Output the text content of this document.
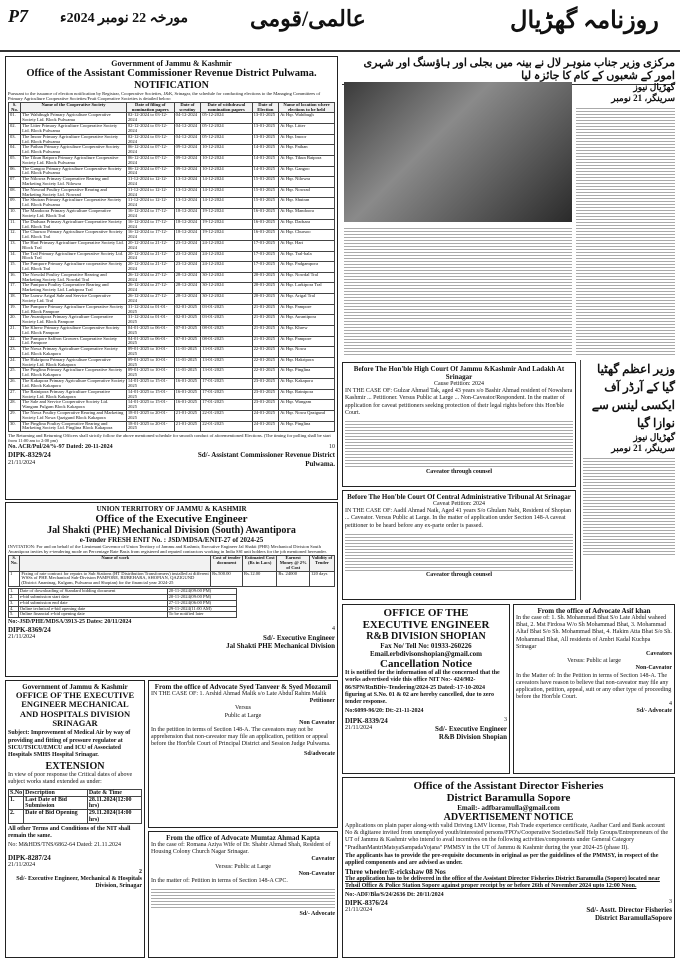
P7 مورخہ 22 نومبر 2024ء	عالمی/قومی	روزنامہ گھڑیال
Government of Jammu & Kashmir
Office of the Assistant Commissioner Revenue District Pulwama.
NOTIFICATION
Pursuant to the issuance of election notification by Registrar, Cooperative Societies, J&K, Srinagar, the schedule for conducting elections to the Managing Committees of Primary Agriculture Cooperative Societies/Fruit Cooperative Societies is detailed below:
S. No.	Name of the Cooperative Society	Date of filing of nomination papers	Date of scrutiny	Date of withdrawal nomination papers	Date of Election	Name of location where elections to be held
01.	The Wahibugh Primary Agriculture Cooperative Society Ltd. Block Pulwama	02-12-2024 to 03-12-2024	04-12-2024	05-12-2024	13-01-2025	At Hqr. Wahibugh
02.	The Litter Primary Agriculture Cooperative Society Ltd. Block Pulwama	02-12-2024 to 03-12-2024	04-12-2024	05-12-2024	13-01-2025	At Hqr. Litter
03.	The Imoor Primary Agriculture Cooperative Society Ltd. Block Pulwama	02-12-2024 to 03-12-2024	04-12-2024	05-12-2024	13-01-2025	At Hqr. Imoor
04.	The Pathan Primary Agriculture Cooperative Society Ltd. Block Pulwama	06-12-2024 to 07-12-2024	09-12-2024	10-12-2024	14-01-2025	At Hqr. Pathan
05.	The Tikun Batpora Primary Agriculture Cooperative Society Ltd. Block Pulwama	06-12-2024 to 07-12-2024	09-12-2024	10-12-2024	14-01-2025	At Hqr. Tikun Batpora
06.	The Gangoo Primary Agriculture Cooperative Society Ltd. Block Pulwama	06-12-2024 to 07-12-2024	09-12-2024	10-12-2024	14-01-2025	At Hqr. Gangoo
07.	The Nilowra Primary Cooperative Rearing and Marketing Society Ltd. Nilowra	11-12-2024 to 12-12-2024	13-12-2024	14-12-2024	15-01-2025	At Hqr. Nilowra
08.	The Nowrad Poultry Cooperative Rearing and Marketing Society Ltd. Nowrad	11-12-2024 to 12-12-2024	13-12-2024	14-12-2024	15-01-2025	At Hqr. Nowrad
09.	The Shutran Primary Agriculture Cooperative Society Ltd. Block Pulwama	11-12-2024 to 12-12-2024	13-12-2024	14-12-2024	15-01-2025	At Hqr. Shutran
10.	The Mandoora Primary Agriculture Cooperative Society Ltd. Block Tral	16-12-2024 to 17-12-2024	18-12-2024	19-12-2024	16-01-2025	At Hqr. Mandoora
11.	The Dadsara Primary Agriculture Cooperative Society Ltd. Block Tral	16-12-2024 to 17-12-2024	18-12-2024	19-12-2024	16-01-2025	At Hqr. Dadsara
12.	The Chursoo Primary Agriculture Cooperative Society Ltd. Block Tral	16-12-2024 to 17-12-2024	18-12-2024	19-12-2024	16-01-2025	At Hqr. Chursoo
13.	The Hari Primary Agriculture Cooperative Society Ltd. Block Tral	20-12-2024 to 21-12-2024	23-12-2024	24-12-2024	17-01-2025	At Hqr. Hari
14.	The Tral Primary Agriculture Cooperative Society Ltd. Block Tral	20-12-2024 to 21-12-2024	23-12-2024	24-12-2024	17-01-2025	At Hqr. Tral-bala
15.	The Pampore Primary Agriculture cooperative Society Ltd. Block Tral	20-12-2024 to 21-12-2024	23-12-2024	24-12-2024	17-01-2025	At Hqr. Padgampora
16.	The Nowdal Poultry Cooperative Rearing and Marketing Society Ltd. Nowdal Tral	26-12-2024 to 27-12-2024	28-12-2024	30-12-2024	20-01-2025	At Hqr. Nowdal Tral
17.	The Panipora Poultry Cooperative Rearing and Marketing Society Ltd. Larkipora Tral	26-12-2024 to 27-12-2024	28-12-2024	30-12-2024	20-01-2025	At Hqr. Larkipora Tral
18.	The Luruw Arigal Sale and Service Cooperative Society Ltd. Tral	26-12-2024 to 27-12-2024	28-12-2024	30-12-2024	20-01-2025	At Hqr. Arigal Tral
19.	The Pampore Primary Agriculture Cooperative Society Ltd. Block Pampore	31-12-2024 to 01-01-2025	02-01-2025	03-01-2025	21-01-2025	At Hqr. Pampore
20.	The Awantipora Primary Agriculture Cooperative Society Ltd. Block Pampore	31-12-2024 to 01-01-2025	02-01-2025	03-01-2025	21-01-2025	At Hqr. Awantipora
21.	The Khrew Primary Agriculture Cooperative Society Ltd. Block Pampore	04-01-2025 to 06-01-2025	07-01-2025	08-01-2025	21-01-2025	At Hqr. Khrew
22.	The Pampore Saffron Growers Cooperative Society Ltd. Pampore	04-01-2025 to 06-01-2025	07-01-2025	08-01-2025	21-01-2025	At Hqr. Pampore
23.	The Nowa Primary Agriculture Cooperative Society Ltd. Block Kakapora	09-01-2025 to 10-01-2025	11-01-2025	13-01-2025	22-01-2025	At Hqr. Nowa
24.	The Hakripora Primary Agriculture Cooperative Society Ltd. Block Kakapora	09-01-2025 to 10-01-2025	11-01-2025	13-01-2025	22-01-2025	At Hqr. Hakripora
25.	The Pinglina Primary Agriculture Cooperative Society Ltd. Block Kakapora	09-01-2025 to 10-01-2025	11-01-2025	13-01-2025	22-01-2025	At Hqr. Pinglina
26.	The Kakapora Primary Agriculture Cooperative Society Ltd. Block Kakapora	14-01-2025 to 15-01-2025	16-01-2025	17-01-2025	23-01-2025	At Hqr. Kakapora
27.	The Ratnipora Primary Agriculture Cooperative Society Ltd. Block Kakapora	14-01-2025 to 15-01-2025	16-01-2025	17-01-2025	23-01-2025	At Hqr. Ratnipora
28.	The Sale and Service Cooperative Society Ltd. Wangam Pulgam Block Kakapora	14-01-2025 to 15-01-2025	16-01-2025	17-01-2025	23-01-2025	At Hqr. Wangam
29.	The Nowa Poultry Cooperative Rearing and Marketing Society Ltd Nowa Qazigund Block Kakapora	18-01-2025 to 20-01-2025	21-01-2025	22-01-2025	24-01-2025	At Hqr. Nowa Qazigund
30.	The Pinglina Poultry Cooperative Rearing and Marketing Society Ltd. Pinglina Block Kakapora	18-01-2025 to 20-01-2025	21-01-2025	22-01-2025	24-01-2025	At Hqr. Pinglina
The Returning and Returning Officers shall strictly follow the above mentioned schedule for smooth conduct of aforementioned Elections. (The timing for polling shall be start from 11:00 am to 2:00 pm)
No. ACR/Pul/24/%-97 Dated: 20-11-2024
DIPK-8329/24
21/11/2024
10
Sd/- Assistant Commissioner Revenue District Pulwama.
UNION TERRITORY OF JAMMU & KASHMIR
Office of the Executive Engineer
Jal Shakti (PHE) Mechanical Division (South) Awantipora
e-Tender FRESH ENIT No. : JSD/MDSA/ENIT-27 of 2024-25
INVITATION: For and on behalf of the Lieutenant Governor of Union Territory of Jammu and Kashmir, Executive Engineer Jal Shakti (PHE) Mechanical Division South Awantipora invites by e-tendering mode on Percentage Rate Basis from registered and reputed contractors working in India SSI unit holders for the job mentioned hereunder.
S. No.	Name of work	Cost of tender document	Estimated Cost (Rs in Lacs)	Earnest Money @ 2% of Cost	Validity of Tender
1	Fixing of rate contract for repairs to Sub Stations (HT Distribution Transformers) installed at different WSSs of PHE Mechanical Sub-Division PAMPORE, BIJBEHARA, SHOPIAN, QAZIGUND (District Anantnag, Kulgam, Pulwama and Shopian) for the financial year 2024-25	Rs.500.00	Rs.12.00	Rs. 24000	120 days
1.	Date of downloading of Standard bidding document	20-11-2024(09:00 PM)
2.	e-bid submission start date	20-11-2024(09:00 PM)
3.	e-bid submission end date	27-11-2024(06:00 PM)
4.	Online technical e-bid opening date	29-11-2024(11:00 AM)
5.	Online financial e-bid opening date	To be notified later
No:-JSD/PHE/MDSA/3913-25 Dates: 20/11/2024
DIPK-8369/24
21/11/2024
4
Sd/- Executive Engineer
Jal Shakti PHE Mechanical Division
Government of Jammu & Kashmir
OFFICE OF THE EXECUTIVE
ENGINEER MECHANICAL
AND HOSPITALS DIVISION
SRINAGAR
Subject: Improvement of Medical Air by way of providing and fitting of pressure regulator at SICU/TSICU/EMCU and ICU of Associated Hospitals SMHS Hospital Srinagar.
EXTENSION
In view of poor response the Critical dates of above subject works stand extended as under:
S.No	Description	Date & Time
1.	Last Date of Bid Submission	28.11.2024(12:00 hrs)
2.	Date of Bid Opening	29.11.2024(14:00 hrs)
All other Terms and Conditions of the NIT shall remain the same.
No: M&HDS/TNS/6862-64 Dated: 21.11.2024
DIPK-8287/24
21/11/2024
2
Sd/- Executive Engineer, Mechanical & Hospitals Division, Srinagar
From the office of Advocate Syed Tanveer & Syed Mozamil
IN THE CASE OF: 1. Arshid Ahmad Malik s/o Late Abdul Rahim Malik
Petitioner
Versus
Public at Large
Non Caveator
In the petition in terms of Section 148-A. The caveators may not be apprehension that non-caveator may file an application, petition or appeal before the Hon'ble Court of Principal District and Session Judge Pulwama.
Sd/advocate
From the office of Advocate Mumtaz Ahmad Kapta
In the case of: Romana Aziya Wife of Dr. Shabir Ahmad Shah, Resident of Housing Colony Church Nagar Srinagar.
Caveator
Versus: Public at Large
Non-Caveator
In the matter of: Petition in terms of Section 148-A CPC.
Sd/- Advocate
مرکزی وزیر جناب منوہر لال نے بینہ میں بجلی اور ہاؤسنگ اور شہری امور کے شعبوں کے کام کا جائزہ لیا
گھڑیال نیوز
سرینگر، 21 نومبر
وزیر اعظم گھٹیا گیا کے آرڈر آف ایکسی لینس سے نوازا گیا
گھڑیال نیوز
سرینگر، 21 نومبر
Before The Hon'ble High Court Of Jammu &Kashmir And Ladakh At Srinagar
Cause Petition: 2024
IN THE CASE OF: Gulzar Ahmad Tak, aged 43 years s/o Bashir Ahmad resident of Nowshera Kashmir ... Petitioner. Versus Public at Large ... Non-Caveator/Respondent. In the matter of application for caveat petitioners seeking protection of their legal rights before this Hon'ble Court.
Caveator through counsel
Before The Hon'ble Court Of Central Administrative Tribunal At Srinagar
Caveat Petition: 2024
IN THE CASE OF: Aadil Ahmad Naik, Aged 41 years S/o Ghulam Nabi, Resident of Shopian ... Caveator. Versus Public at Large. In the matter of application under Section 148-A caveat petitioner to be heard before any ex-parte order is passed.
Caveator through counsel
OFFICE OF THE
EXECUTIVE ENGINEER
R&B DIVISION SHOPIAN
Fax No/ Tell No: 01933-260226
Email.erbdivisonshopian@gmail.com
Cancellation Notice
It is notified for the information of all the concerned that the works advertised vide this office NIT No:- 424/902-86/SPN/RnBDiv-Tendering/2024-25 Dated:-17-10-2024 figuring at S.No. 01 & 02 are hereby cancelled, due to zero tender response.
No:6099-96/20: Dt:-21-11-2024
DIPK-8339/24
21/11/2024
3
Sd/- Executive Engineer
R&B Division Shopian
From the office of Advocate Asif khan
In the case of: 1. Sh. Mohammad Bhat S/o Late Abdul waheed Bhat, 2. Mst Firdosa W/o Sh Mohammad Bhat, 3. Mohammad Altaf Bhat S/o Sh. Mohammad Bhat, 4. Hakim Atta Bhat S/o Sh. Mohammad Bhat, All residents of Ambri Kadal Kuchpa Srinagar
Caveators
Versus: Public at large
Non-Caveator
In the Matter of: In the Petition in terms of Section 148-A. The caveators have reason to believe that non-caveator may file any application, petition, appeal, suit or any other type of proceeding before the Hon'ble Court.
4
Sd/- Advocate
Office of the Assistant Director Fisheries
District Baramulla Sopore
Email:- adfbaramulla@gmail.com
ADVERTISEMENT NOTICE
Applications on plain paper along-with valid Driving LMV license, Fish Trade experience certificate, Aadhar Card and Bank account No & digitaree invited from unemployed youth/interested persons/FPO's/Cooperative Societies/Self Help Groups/Entrepreneurs of the UT of Jammu & Kashmir who intend to avail incentives on the following activities/components under General Category "PradhanMantriMatsyaSampadaYojana" PMMSY in the UT of Jammu & Kashmir during the year 2024-25 (phase II).
The applicants has to provide the pre-requisite documents in original as per the guidelines of the PMMSY, in respect of the applied components and are advised as under.
Three wheeler/E-rickshaw 08 Nos
The application has to be delivered in the office of the Assistant Director Fisheries District Baramulla (Sopore) located near Tehsil Office & Police Station Sopore against proper receipt by or before 26th of November 2024 upto 12:00 Noon.
No:-ADF/Bla/S/24/2636 Dt: 20/11/2024
DIPK-8376/24
21/11/2024
3
Sd/- Asstt. Director Fisheries
District BaramullaSopore
